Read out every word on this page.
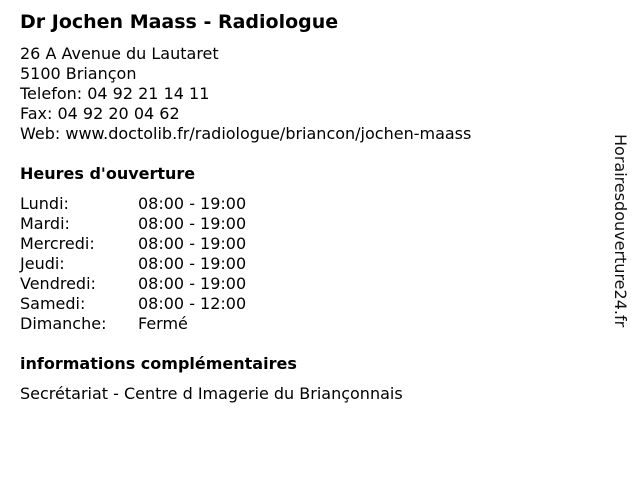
Dr Jochen Maass - Radiologue
26 A Avenue du Lautaret
5100 Briançon
Telefon: 04 92 21 14 11
Fax: 04 92 20 04 62
Web: www.doctolib.fr/radiologue/briancon/jochen-maass
Heures d'ouverture
Lundi:	08:00 - 19:00
Mardi:	08:00 - 19:00
Mercredi:	08:00 - 19:00
Jeudi:	08:00 - 19:00
Vendredi:	08:00 - 19:00
Samedi:	08:00 - 12:00
Dimanche: Fermé
informations complémentaires
Secrétariat - Centre d Imagerie du Briançonnais
Horairesdouverture24.fr
